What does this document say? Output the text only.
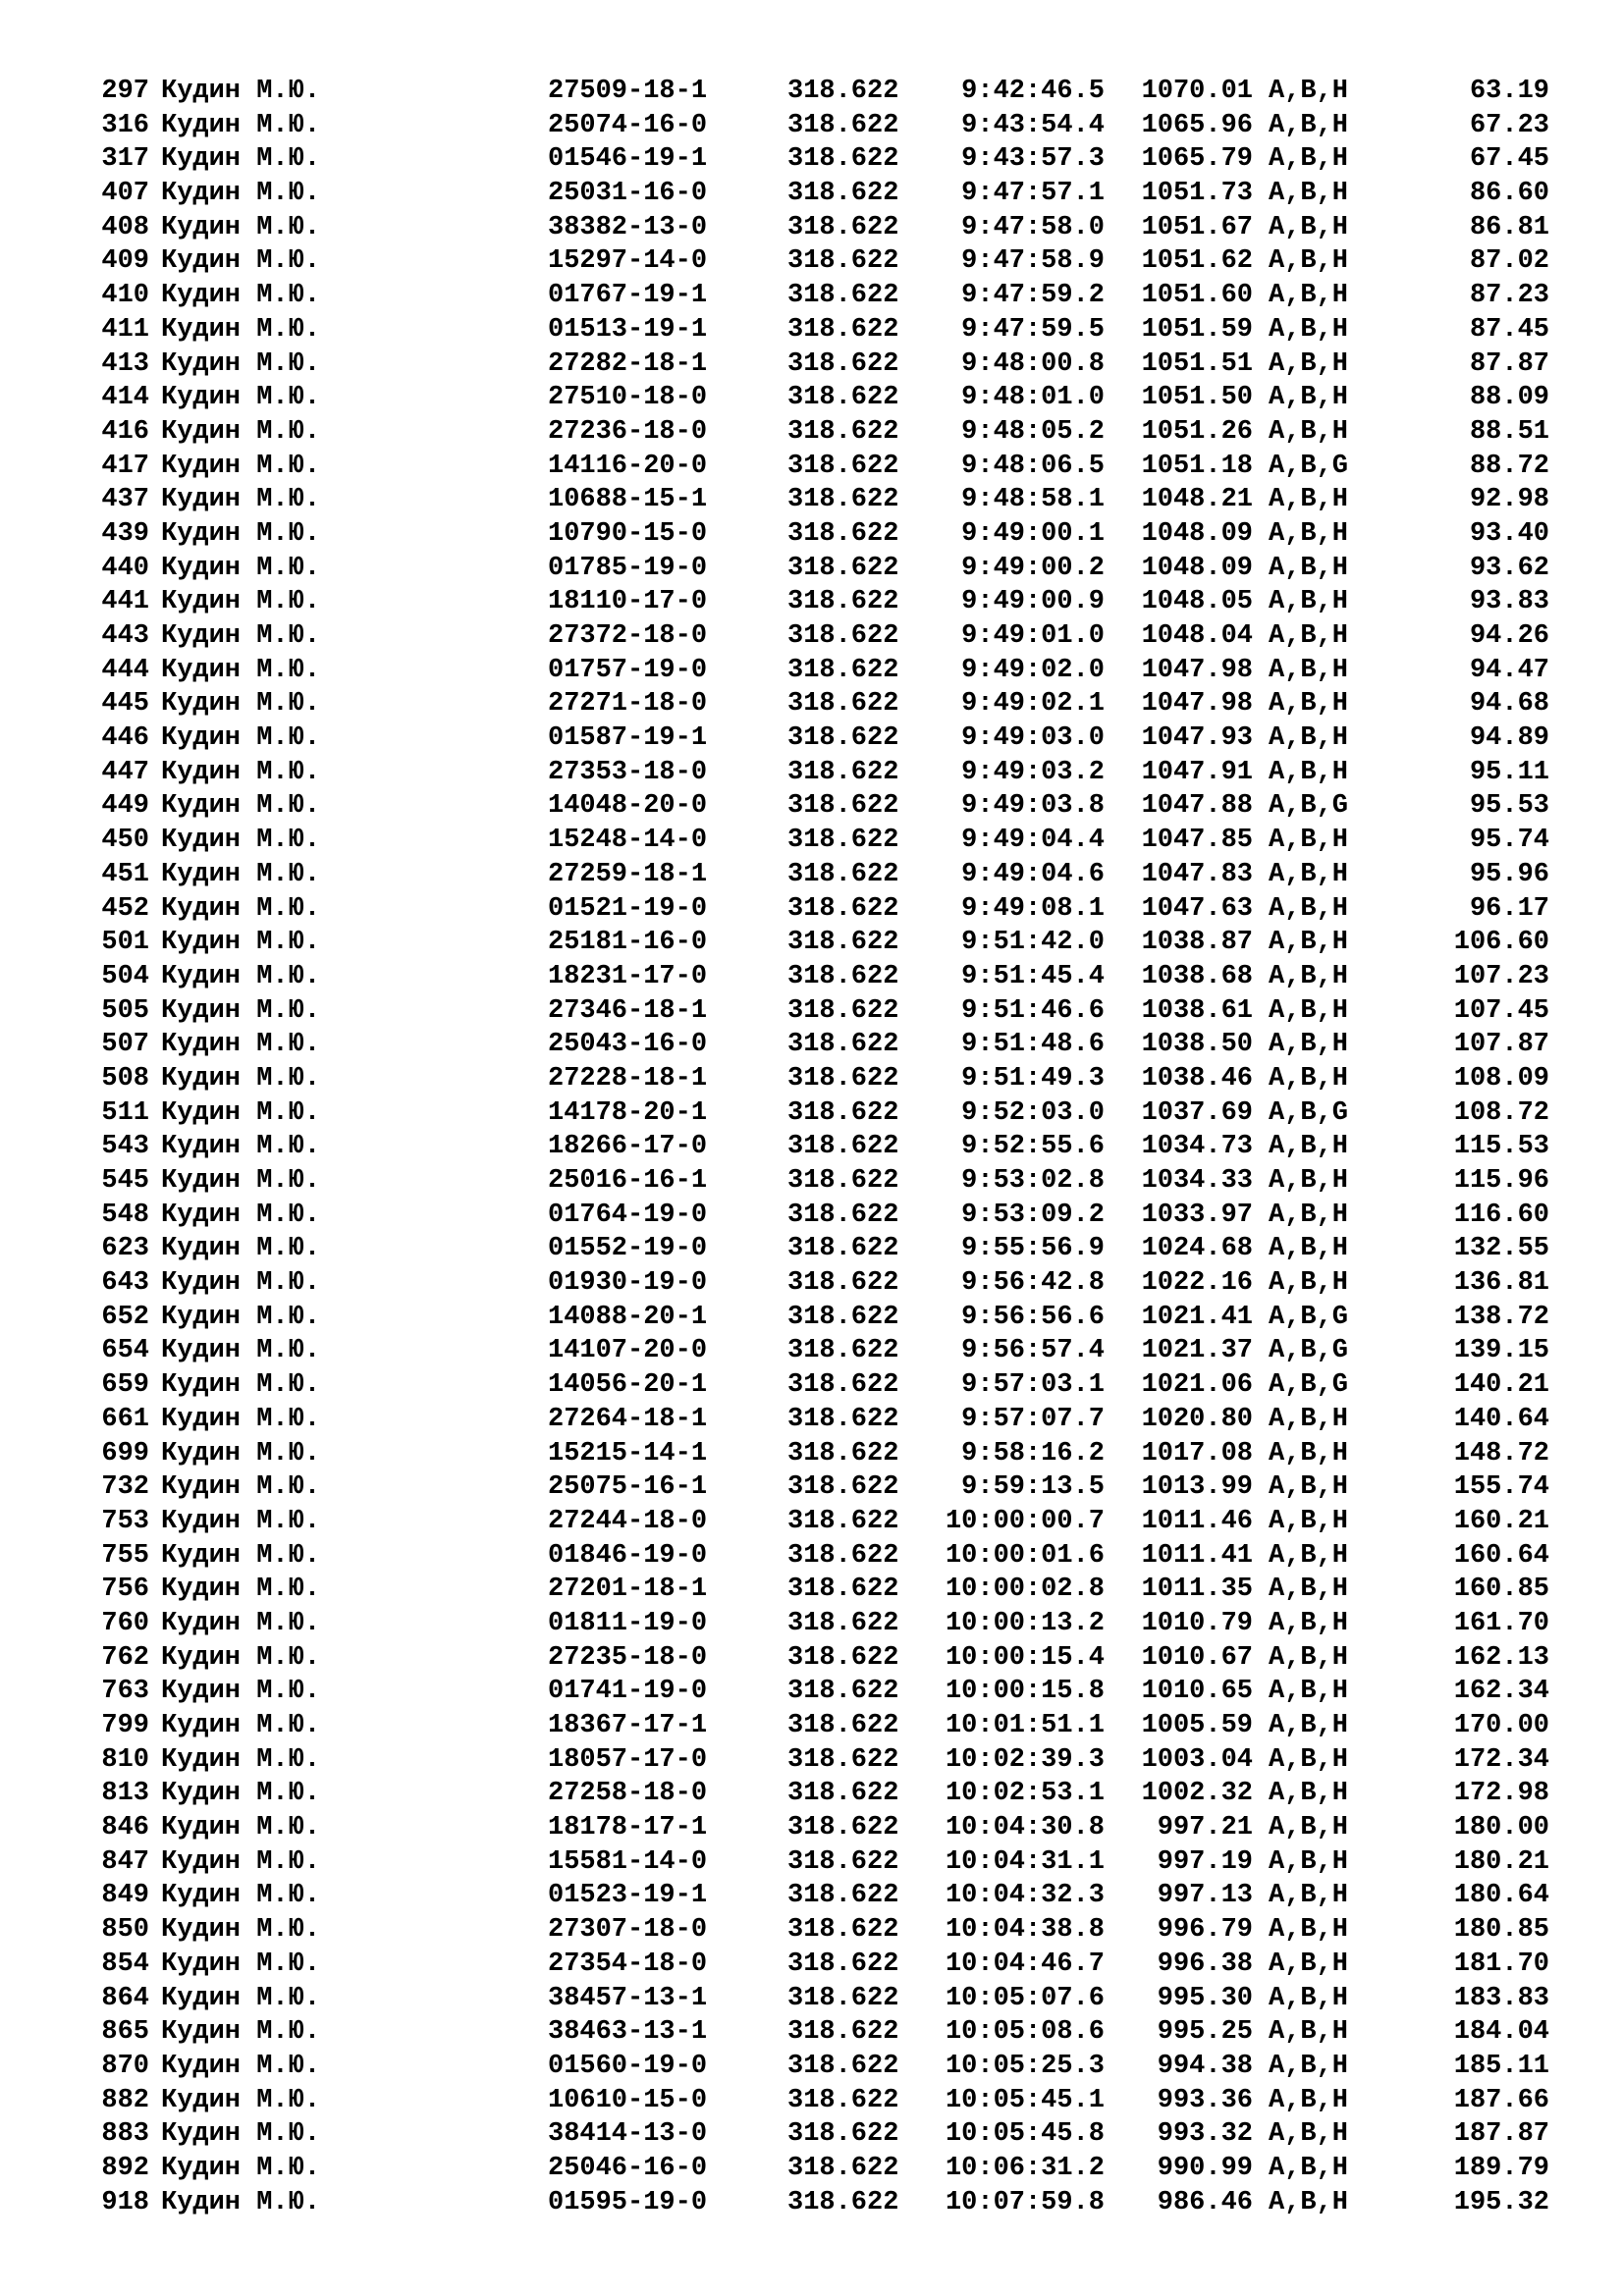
297 Кудин М.Ю.	27509-18-1	318.622	9:42:46.5	1070.01 A,B,H	63.19
316 Кудин М.Ю.	25074-16-0	318.622	9:43:54.4	1065.96 A,B,H	67.23
317 Кудин М.Ю.	01546-19-1	318.622	9:43:57.3	1065.79 A,B,H	67.45
407 Кудин М.Ю.	25031-16-0	318.622	9:47:57.1	1051.73 A,B,H	86.60
408 Кудин М.Ю.	38382-13-0	318.622	9:47:58.0	1051.67 A,B,H	86.81
409 Кудин М.Ю.	15297-14-0	318.622	9:47:58.9	1051.62 A,B,H	87.02
410 Кудин М.Ю.	01767-19-1	318.622	9:47:59.2	1051.60 A,B,H	87.23
411 Кудин М.Ю.	01513-19-1	318.622	9:47:59.5	1051.59 A,B,H	87.45
413 Кудин М.Ю.	27282-18-1	318.622	9:48:00.8	1051.51 A,B,H	87.87
414 Кудин М.Ю.	27510-18-0	318.622	9:48:01.0	1051.50 A,B,H	88.09
416 Кудин М.Ю.	27236-18-0	318.622	9:48:05.2	1051.26 A,B,H	88.51
417 Кудин М.Ю.	14116-20-0	318.622	9:48:06.5	1051.18 A,B,G	88.72
437 Кудин М.Ю.	10688-15-1	318.622	9:48:58.1	1048.21 A,B,H	92.98
439 Кудин М.Ю.	10790-15-0	318.622	9:49:00.1	1048.09 A,B,H	93.40
440 Кудин М.Ю.	01785-19-0	318.622	9:49:00.2	1048.09 A,B,H	93.62
441 Кудин М.Ю.	18110-17-0	318.622	9:49:00.9	1048.05 A,B,H	93.83
443 Кудин М.Ю.	27372-18-0	318.622	9:49:01.0	1048.04 A,B,H	94.26
444 Кудин М.Ю.	01757-19-0	318.622	9:49:02.0	1047.98 A,B,H	94.47
445 Кудин М.Ю.	27271-18-0	318.622	9:49:02.1	1047.98 A,B,H	94.68
446 Кудин М.Ю.	01587-19-1	318.622	9:49:03.0	1047.93 A,B,H	94.89
447 Кудин М.Ю.	27353-18-0	318.622	9:49:03.2	1047.91 A,B,H	95.11
449 Кудин М.Ю.	14048-20-0	318.622	9:49:03.8	1047.88 A,B,G	95.53
450 Кудин М.Ю.	15248-14-0	318.622	9:49:04.4	1047.85 A,B,H	95.74
451 Кудин М.Ю.	27259-18-1	318.622	9:49:04.6	1047.83 A,B,H	95.96
452 Кудин М.Ю.	01521-19-0	318.622	9:49:08.1	1047.63 A,B,H	96.17
501 Кудин М.Ю.	25181-16-0	318.622	9:51:42.0	1038.87 A,B,H	106.60
504 Кудин М.Ю.	18231-17-0	318.622	9:51:45.4	1038.68 A,B,H	107.23
505 Кудин М.Ю.	27346-18-1	318.622	9:51:46.6	1038.61 A,B,H	107.45
507 Кудин М.Ю.	25043-16-0	318.622	9:51:48.6	1038.50 A,B,H	107.87
508 Кудин М.Ю.	27228-18-1	318.622	9:51:49.3	1038.46 A,B,H	108.09
511 Кудин М.Ю.	14178-20-1	318.622	9:52:03.0	1037.69 A,B,G	108.72
543 Кудин М.Ю.	18266-17-0	318.622	9:52:55.6	1034.73 A,B,H	115.53
545 Кудин М.Ю.	25016-16-1	318.622	9:53:02.8	1034.33 A,B,H	115.96
548 Кудин М.Ю.	01764-19-0	318.622	9:53:09.2	1033.97 A,B,H	116.60
623 Кудин М.Ю.	01552-19-0	318.622	9:55:56.9	1024.68 A,B,H	132.55
643 Кудин М.Ю.	01930-19-0	318.622	9:56:42.8	1022.16 A,B,H	136.81
652 Кудин М.Ю.	14088-20-1	318.622	9:56:56.6	1021.41 A,B,G	138.72
654 Кудин М.Ю.	14107-20-0	318.622	9:56:57.4	1021.37 A,B,G	139.15
659 Кудин М.Ю.	14056-20-1	318.622	9:57:03.1	1021.06 A,B,G	140.21
661 Кудин М.Ю.	27264-18-1	318.622	9:57:07.7	1020.80 A,B,H	140.64
699 Кудин М.Ю.	15215-14-1	318.622	9:58:16.2	1017.08 A,B,H	148.72
732 Кудин М.Ю.	25075-16-1	318.622	9:59:13.5	1013.99 A,B,H	155.74
753 Кудин М.Ю.	27244-18-0	318.622	10:00:00.7	1011.46 A,B,H	160.21
755 Кудин М.Ю.	01846-19-0	318.622	10:00:01.6	1011.41 A,B,H	160.64
756 Кудин М.Ю.	27201-18-1	318.622	10:00:02.8	1011.35 A,B,H	160.85
760 Кудин М.Ю.	01811-19-0	318.622	10:00:13.2	1010.79 A,B,H	161.70
762 Кудин М.Ю.	27235-18-0	318.622	10:00:15.4	1010.67 A,B,H	162.13
763 Кудин М.Ю.	01741-19-0	318.622	10:00:15.8	1010.65 A,B,H	162.34
799 Кудин М.Ю.	18367-17-1	318.622	10:01:51.1	1005.59 A,B,H	170.00
810 Кудин М.Ю.	18057-17-0	318.622	10:02:39.3	1003.04 A,B,H	172.34
813 Кудин М.Ю.	27258-18-0	318.622	10:02:53.1	1002.32 A,B,H	172.98
846 Кудин М.Ю.	18178-17-1	318.622	10:04:30.8	997.21 A,B,H	180.00
847 Кудин М.Ю.	15581-14-0	318.622	10:04:31.1	997.19 A,B,H	180.21
849 Кудин М.Ю.	01523-19-1	318.622	10:04:32.3	997.13 A,B,H	180.64
850 Кудин М.Ю.	27307-18-0	318.622	10:04:38.8	996.79 A,B,H	180.85
854 Кудин М.Ю.	27354-18-0	318.622	10:04:46.7	996.38 A,B,H	181.70
864 Кудин М.Ю.	38457-13-1	318.622	10:05:07.6	995.30 A,B,H	183.83
865 Кудин М.Ю.	38463-13-1	318.622	10:05:08.6	995.25 A,B,H	184.04
870 Кудин М.Ю.	01560-19-0	318.622	10:05:25.3	994.38 A,B,H	185.11
882 Кудин М.Ю.	10610-15-0	318.622	10:05:45.1	993.36 A,B,H	187.66
883 Кудин М.Ю.	38414-13-0	318.622	10:05:45.8	993.32 A,B,H	187.87
892 Кудин М.Ю.	25046-16-0	318.622	10:06:31.2	990.99 A,B,H	189.79
918 Кудин М.Ю.	01595-19-0	318.622	10:07:59.8	986.46 A,B,H	195.32
